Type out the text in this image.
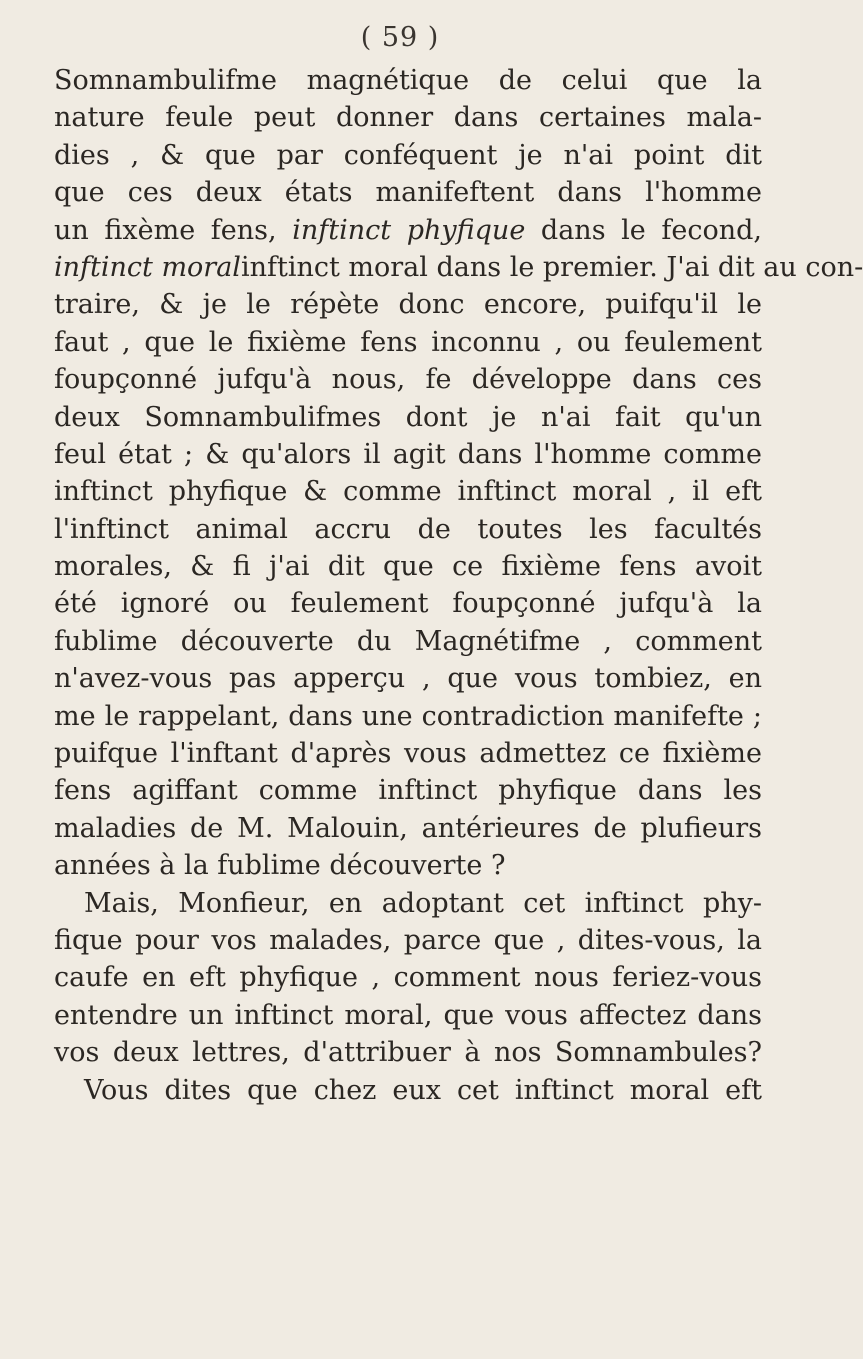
( 59 )
Somnambulifme magnétique de celui que la
nature feule peut donner dans certaines mala-
dies , & que par conféquent je n'ai point dit
que ces deux états manifeftent dans l'homme
un fixème fens, inftinct phyfique dans le fecond,
inftinct moralinftinct moral dans le premier. J'ai dit au con-
traire, & je le répète donc encore, puifqu'il le
faut , que le fixième fens inconnu , ou feulement
foupçonné jufqu'à nous, fe développe dans ces
deux Somnambulifmes dont je n'ai fait qu'un
feul état ; & qu'alors il agit dans l'homme comme
inftinct phyfique & comme inftinct moral , il eft
l'inftinct animal accru de toutes les facultés
morales, & fi j'ai dit que ce fixième fens avoit
été ignoré ou feulement foupçonné jufqu'à la
fublime découverte du Magnétifme , comment
n'avez-vous pas apperçu , que vous tombiez, en
me le rappelant, dans une contradiction manifefte ;
puifque l'inftant d'après vous admettez ce fixième
fens agiffant comme inftinct phyfique dans les
maladies de M. Malouin, antérieures de plufieurs
années à la fublime découverte ?
Mais, Monfieur, en adoptant cet inftinct phy-
fique pour vos malades, parce que , dites-vous, la
caufe en eft phyfique , comment nous feriez-vous
entendre un inftinct moral, que vous affectez dans
vos deux lettres, d'attribuer à nos Somnambules?
Vous dites que chez eux cet inftinct moral eft
